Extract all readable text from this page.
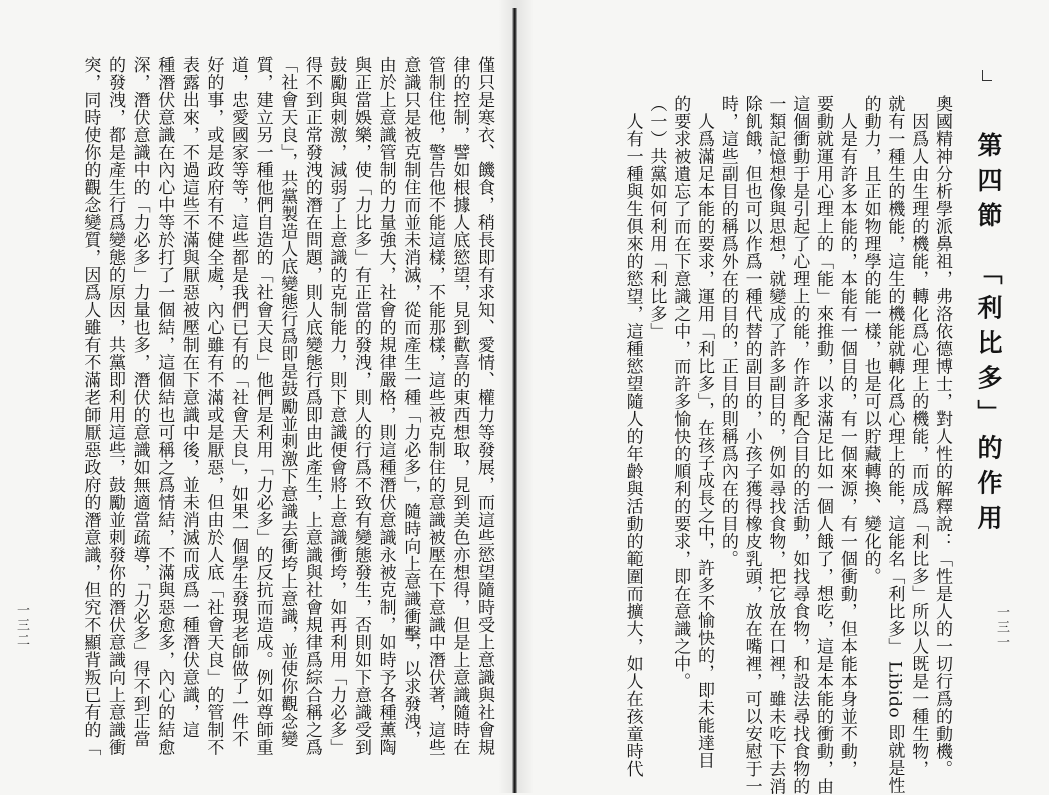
第四節　「利比多」的作用
奧國精神分析學派鼻祖，弗洛依德博士，對人性的解釋說：「性是人的一切行爲的動機。
　因爲人由生理的機能，轉化爲心理上的機能，而成爲「利比多」所以人既是一種生物，
就有一種生的機能，這生的機能就轉化爲心理上的能，這能名「利比多」 Libido 即就是性
的動力，且正如物理學的能一樣，也是可以貯藏轉換、變化的。
　人是有許多本能的，本能有一個目的，有一個來源，有一個衝動，但本能本身並不動，
要動就運用心理上的「能」來推動，以求滿足比如一個人餓了，想吃，這是本能的衝動，由
這個衝動于是引起了心理上的能，作許多配合目的的活動，如找尋食物，和設法尋找食物的
一類記憶想像與思想，就變成了許多副目的，例如尋找食物，把它放在口裡，雖未吃下去消
除飢餓，但也可以作爲一種代替的副目的，小孩子獲得橡皮乳頭，放在嘴裡，可以安慰于一
時，這些副目的稱爲外在的目的，正目的則稱爲內在的目的。
　人爲滿足本能的要求，運用「利比多」，在孩子成長之中，許多不愉快的，即未能達目
的要求被遺忘了而在下意識之中，而許多愉快的順利的要求，即在意識之中。
（一）共黨如何利用「利比多」
　人有一種與生俱來的慾望，這種慾望隨人的年齡與活動的範圍而擴大，如人在孩童時代	一三一
僅只是寒衣、饑食，稍長即有求知、愛情、權力等發展，而這些慾望隨時受上意識與社會規
律的控制，譬如根據人底慾望，見到歡喜的東西想取，見到美色亦想得，但是上意識隨時在
管制住他，警告他不能這樣，不能那樣，這些被克制住的意識被壓在下意識中潛伏著，這些
意識只是被克制住而並未消滅，從而產生一種「力必多」，隨時向上意識衝擊，以求發洩，
由於上意識管制的力量強大，社會的規律嚴格，則這種潛伏意識永被克制，如時予各種薰陶
與正當娛樂，使「力比多」有正當的發洩，則人的行爲不致有變態發生，否則如下意識受到
鼓勵與刺激，減弱了上意識的克制能力，則下意識便會將上意識衝垮，如再利用「力必多」
得不到正常發洩的潛在問題，則人底變態行爲即由此產生，上意識與社會規律爲綜合稱之爲
「社會天良」，共黨製造人底變態行爲即是鼓勵並刺激下意識去衝垮上意識，並使你觀念變
質，建立另一種他們自造的「社會天良」他們是利用「力必多」的反抗而造成。例如尊師重
道，忠愛國家等等，這些都是我們已有的「社會天良」，如果一個學生發現老師做了一件不
好的事，或是政府有不健全處，內心雖有不滿或是厭惡，但由於人底「社會天良」的管制不
表露出來，不過這些不滿與厭惡被壓制在下意識中後，並未消滅而成爲一種潛伏意識，這
種潛伏意識在內心中等於打了一個結，這個結也可稱之爲情結，不滿與惡愈多，內心的結愈
深，潛伏意識中的「力必多」力量也多，潛伏的意識如無適當疏導，「力必多」得不到正當
的發洩，都是產生行爲變態的原因，共黨即利用這些，鼓勵並刺發你的潛伏意識向上意識衝
突，同時使你的觀念變質，因爲人雖有不滿老師厭惡政府的潛意識，但究不顯背叛已有的「
一三二
